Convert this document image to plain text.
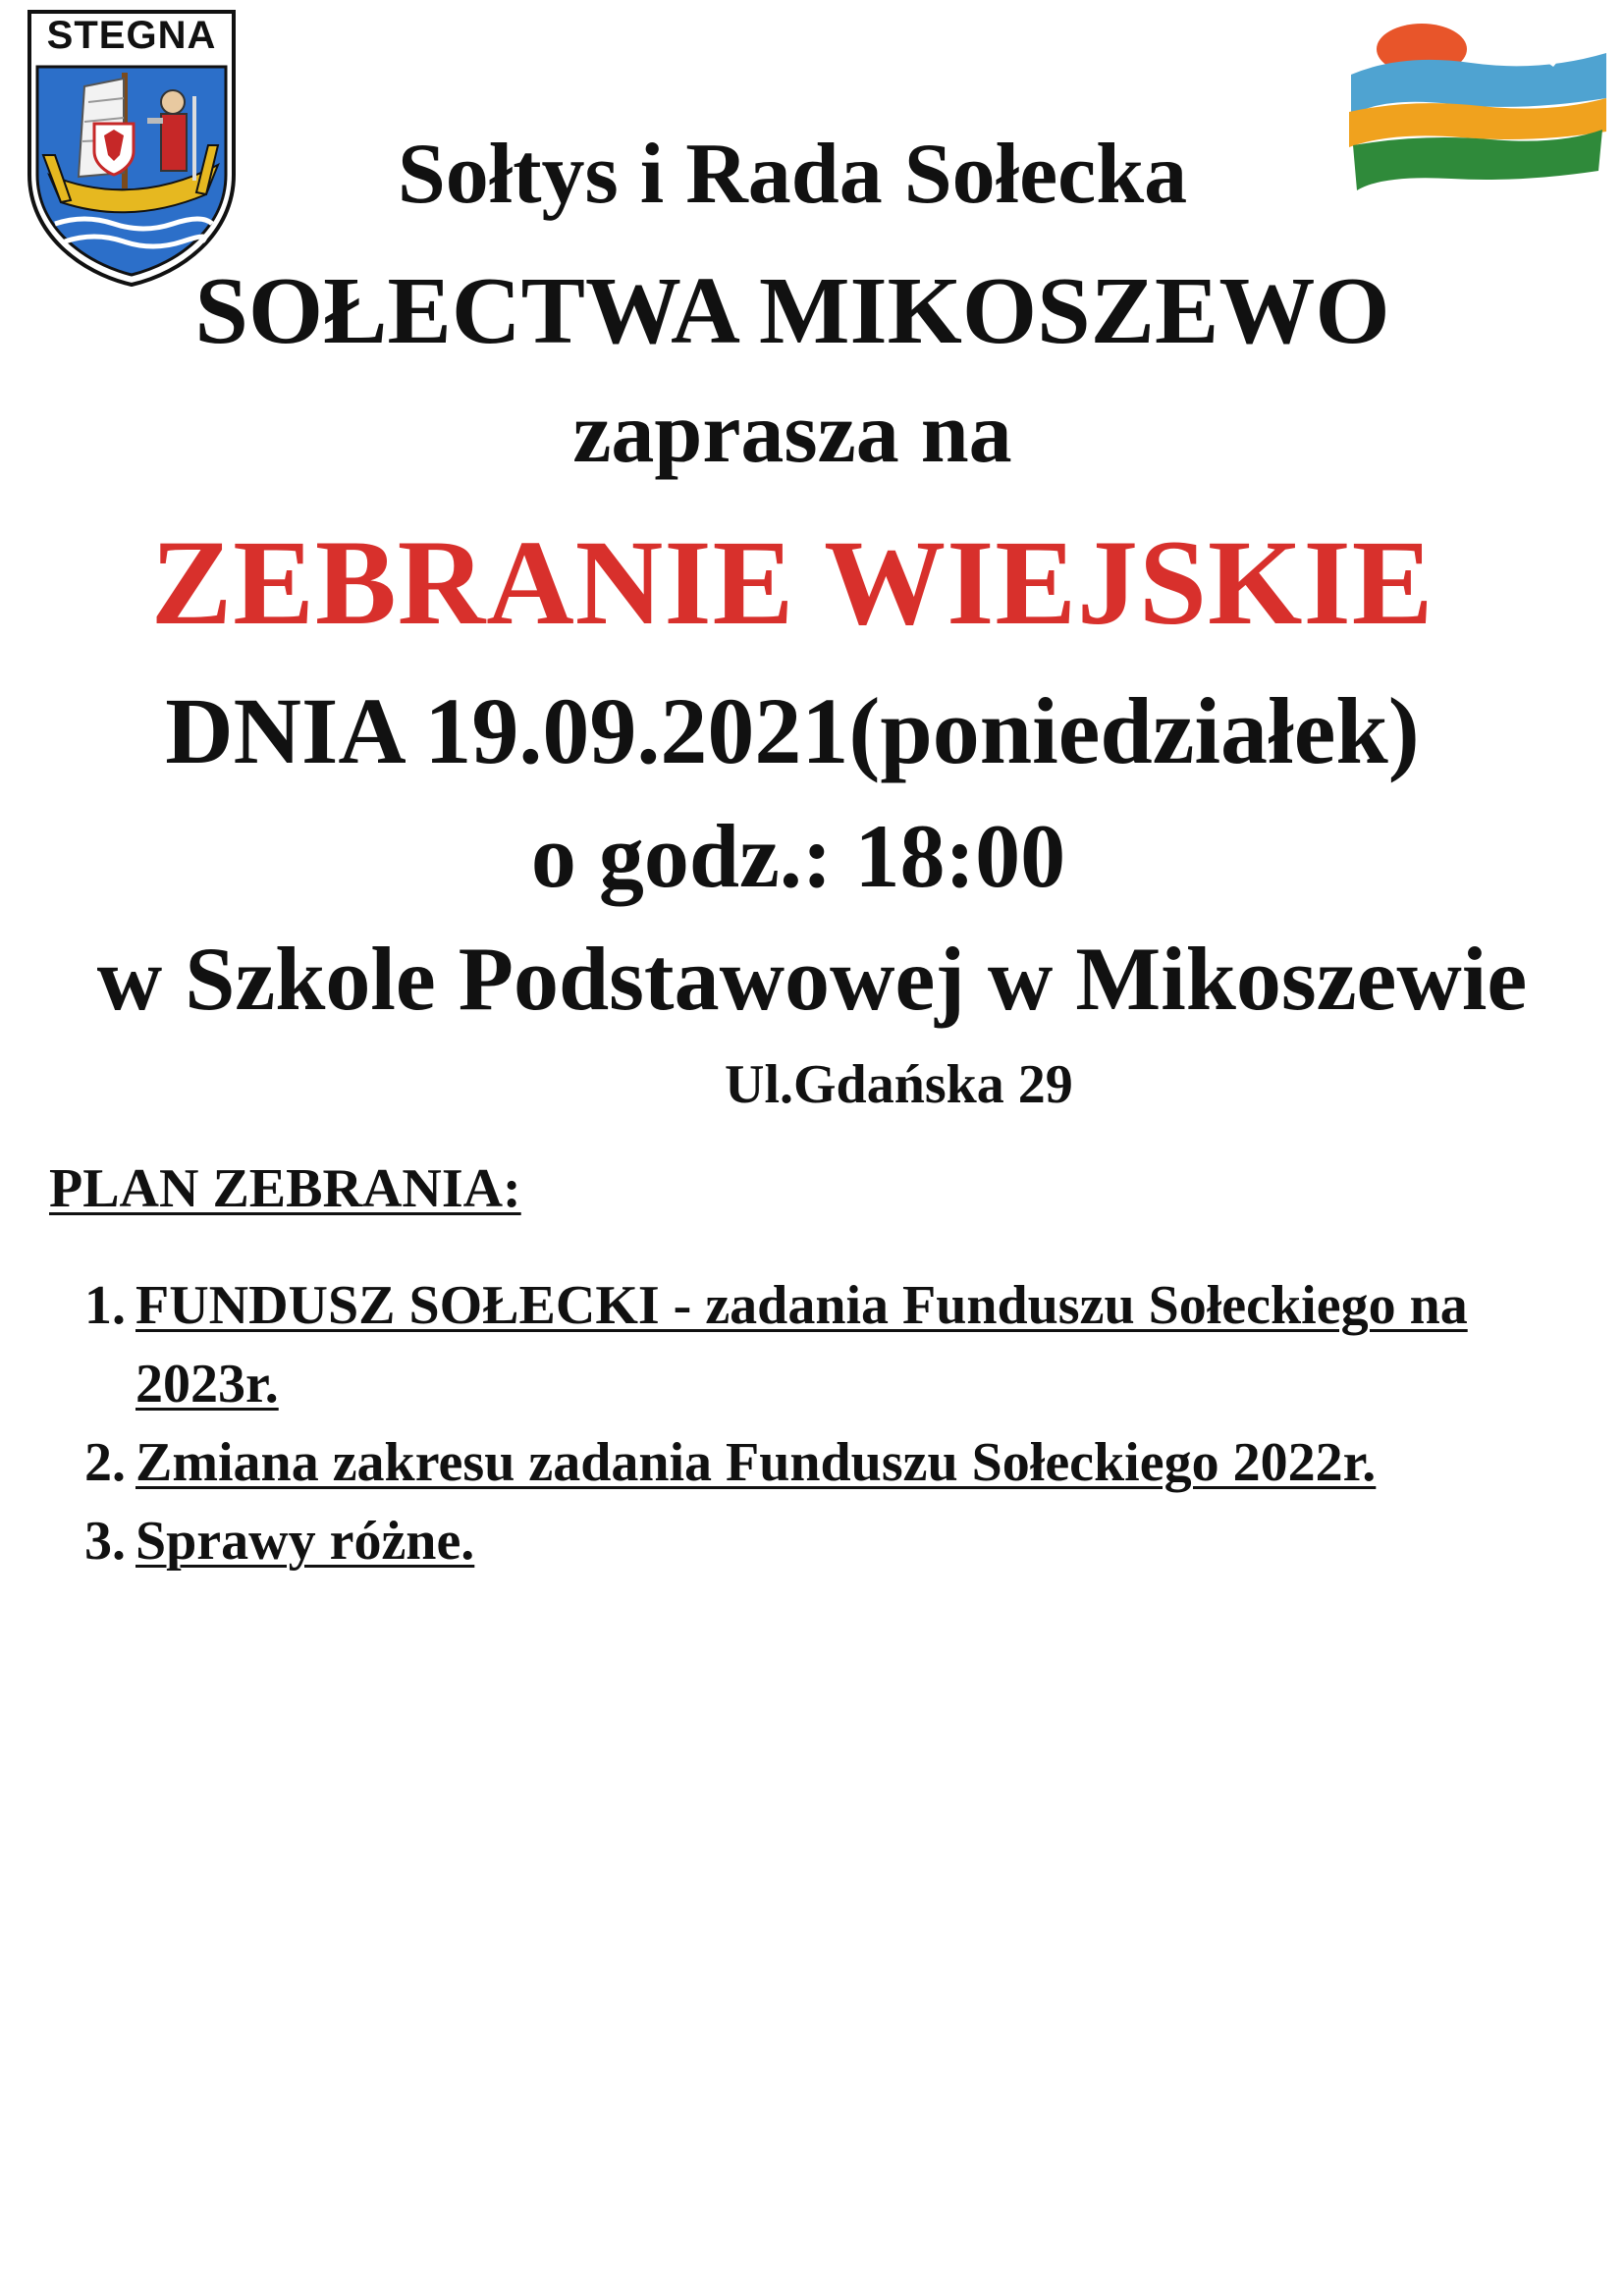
STEGNA
Sołtys i Rada Sołecka
SOŁECTWA MIKOSZEWO
zaprasza na
ZEBRANIE WIEJSKIE
DNIA 19.09.2021(poniedziałek)
o godz.: 18:00
w Szkole Podstawowej w Mikoszewie
Ul.Gdańska 29
PLAN ZEBRANIA:
1. FUNDUSZ SOŁECKI - zadania Funduszu Sołeckiego na 2023r.
2. Zmiana zakresu zadania Funduszu Sołeckiego 2022r.
3. Sprawy różne.
